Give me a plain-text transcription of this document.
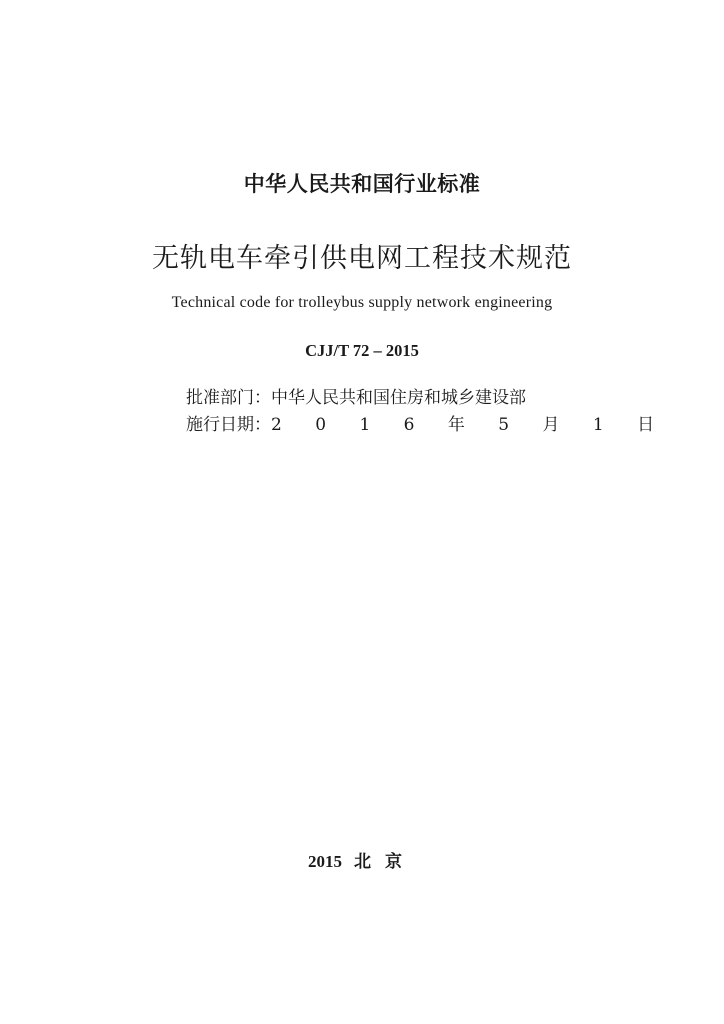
中华人民共和国行业标准
无轨电车牵引供电网工程技术规范
Technical code for trolleybus supply network engineering
CJJ/T 72 – 2015
批准部门：中华人民共和国住房和城乡建设部
施行日期：2 0 1 6 年 5 月 1 日
2015 北京
